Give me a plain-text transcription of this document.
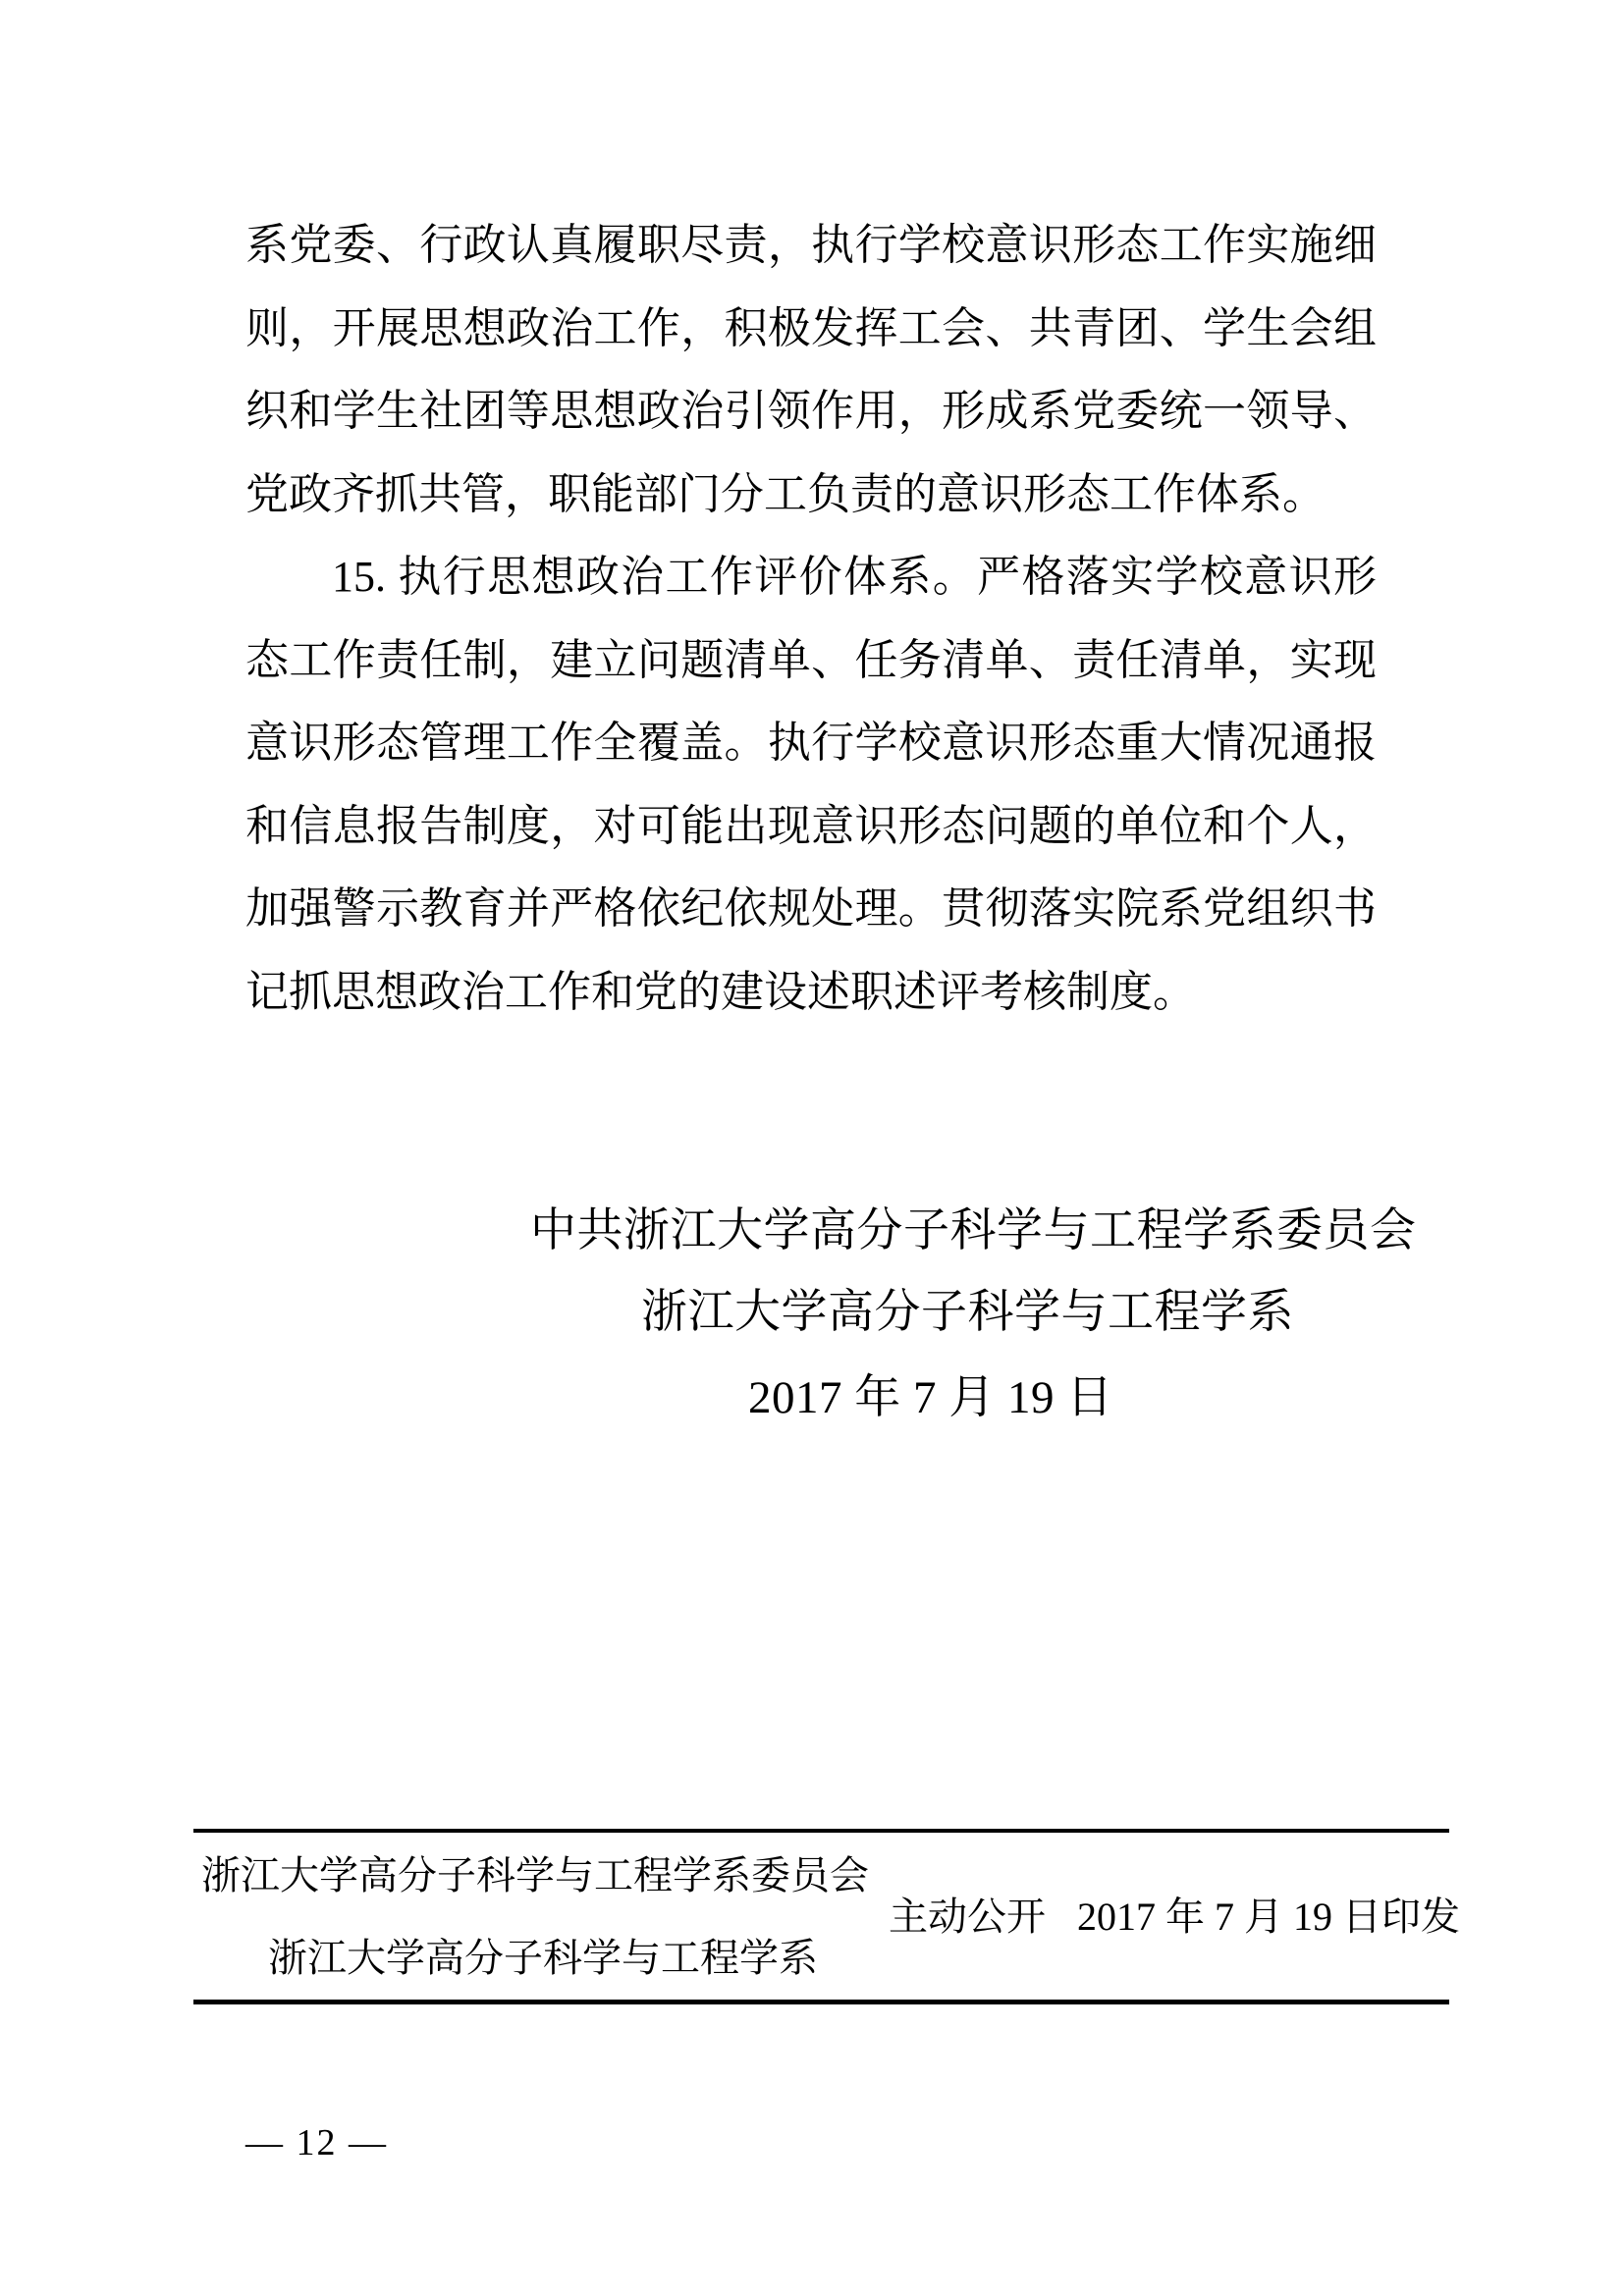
系党委、行政认真履职尽责，执行学校意识形态工作实施细
则，开展思想政治工作，积极发挥工会、共青团、学生会组
织和学生社团等思想政治引领作用，形成系党委统一领导、
党政齐抓共管，职能部门分工负责的意识形态工作体系。
15. 执行思想政治工作评价体系。严格落实学校意识形
态工作责任制，建立问题清单、任务清单、责任清单，实现
意识形态管理工作全覆盖。执行学校意识形态重大情况通报
和信息报告制度，对可能出现意识形态问题的单位和个人，
加强警示教育并严格依纪依规处理。贯彻落实院系党组织书
记抓思想政治工作和党的建设述职述评考核制度。
中共浙江大学高分子科学与工程学系委员会
浙江大学高分子科学与工程学系
2017 年 7 月 19 日
浙江大学高分子科学与工程学系委员会
主动公开 2017 年 7 月 19 日印发
浙江大学高分子科学与工程学系
— 12 —
